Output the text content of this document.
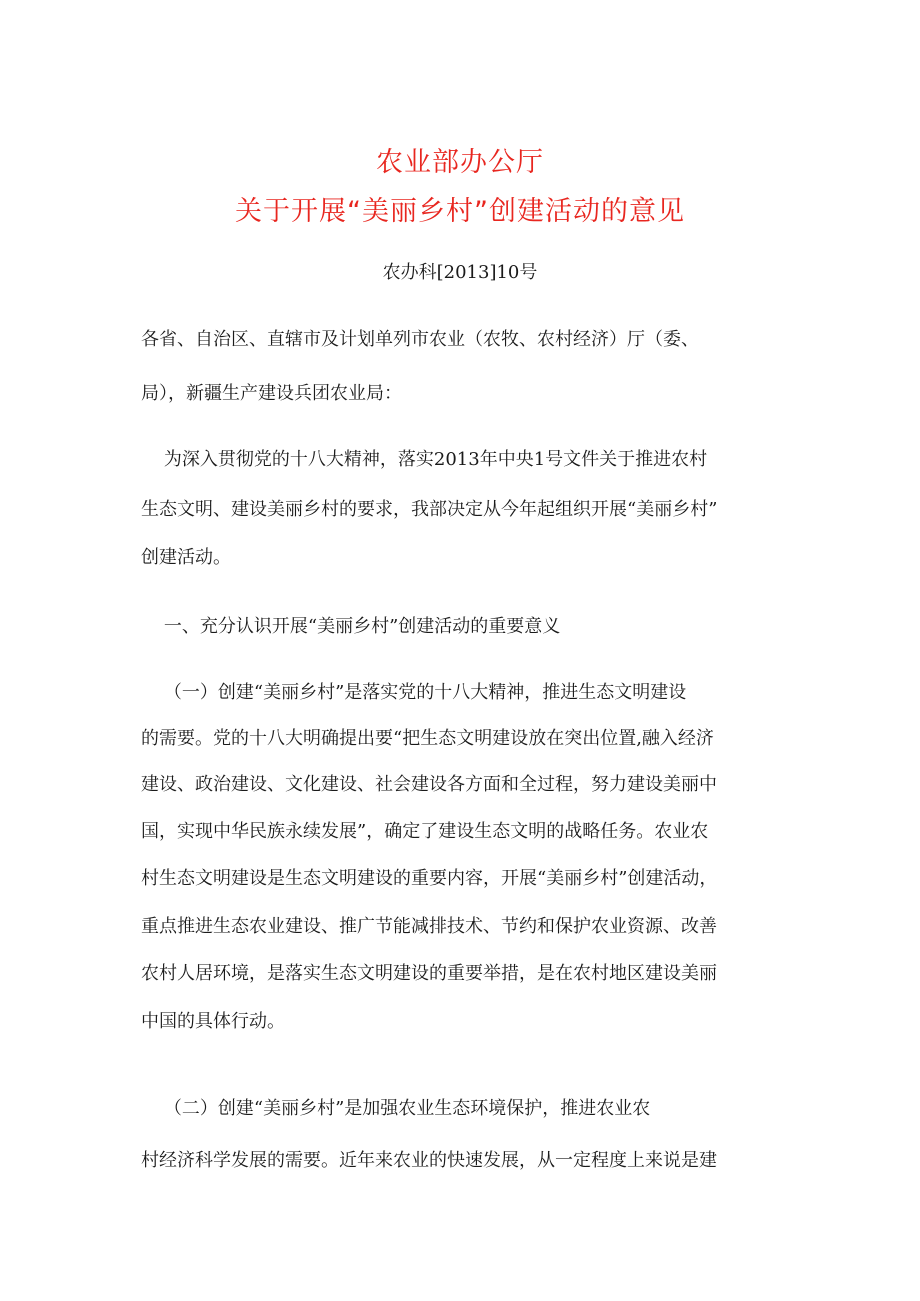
农业部办公厅
关于开展“美丽乡村”创建活动的意见
农办科[2013]10号
各省、自治区、直辖市及计划单列市农业（农牧、农村经济）厅（委、
局），新疆生产建设兵团农业局：
为深入贯彻党的十八大精神，落实2013年中央1号文件关于推进农村
生态文明、建设美丽乡村的要求，我部决定从今年起组织开展“美丽乡村”
创建活动。
一、充分认识开展“美丽乡村”创建活动的重要意义
（一）创建“美丽乡村”是落实党的十八大精神，推进生态文明建设
的需要。党的十八大明确提出要“把生态文明建设放在突出位置,融入经济
建设、政治建设、文化建设、社会建设各方面和全过程，努力建设美丽中
国，实现中华民族永续发展”，确定了建设生态文明的战略任务。农业农
村生态文明建设是生态文明建设的重要内容，开展“美丽乡村”创建活动，
重点推进生态农业建设、推广节能减排技术、节约和保护农业资源、改善
农村人居环境，是落实生态文明建设的重要举措，是在农村地区建设美丽
中国的具体行动。
（二）创建“美丽乡村”是加强农业生态环境保护，推进农业农
村经济科学发展的需要。近年来农业的快速发展，从一定程度上来说是建
